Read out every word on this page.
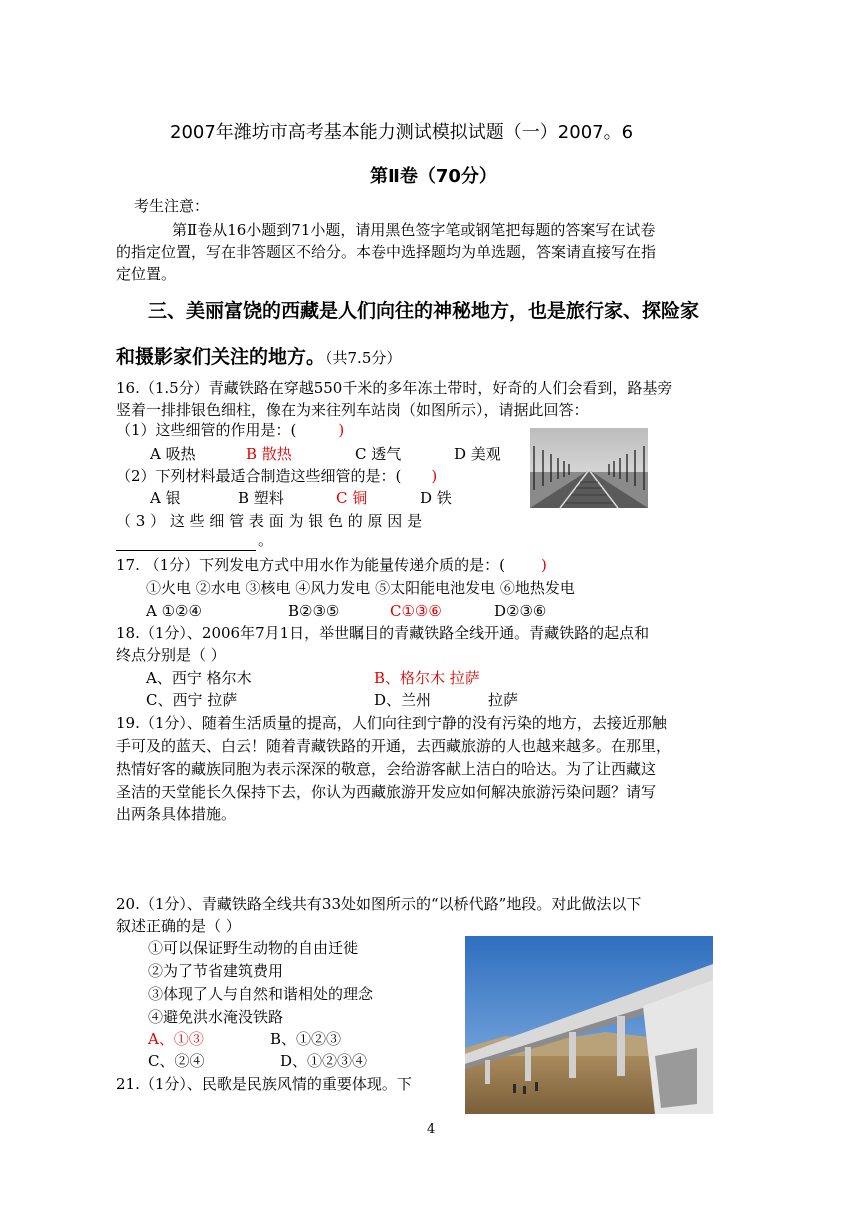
2007年潍坊市高考基本能力测试模拟试题（一）2007。6
第Ⅱ卷（70分）
考生注意：
第Ⅱ卷从16小题到71小题，请用黑色签字笔或钢笔把每题的答案写在试卷
的指定位置，写在非答题区不给分。本卷中选择题均为单选题，答案请直接写在指
定位置。
三、美丽富饶的西藏是人们向往的神秘地方，也是旅行家、探险家
和摄影家们关注的地方。（共7.5分）
16.（1.5分）青藏铁路在穿越550千米的多年冻土带时，好奇的人们会看到，路基旁
竖着一排排银色细柱，像在为来往列车站岗（如图所示），请据此回答：
（1）这些细管的作用是：(	)
A 吸热	B 散热	C 透气	D 美观
（2）下列材料最适合制造这些细管的是：( )
A 银	B 塑料	C 铜	D 铁
（ 3 ） 这 些 细 管 表 面 为 银 色 的 原 因 是
。
17. （1分）下列发电方式中用水作为能量传递介质的是：( )
①火电 ②水电 ③核电 ④风力发电 ⑤太阳能电池发电 ⑥地热发电
A ①②④	B②③⑤	C①③⑥	D②③⑥
18.（1分）、2006年7月1日，举世瞩目的青藏铁路全线开通。青藏铁路的起点和
终点分别是（ ）
A、西宁 格尔木	B、格尔木 拉萨
C、西宁 拉萨	D、兰州	拉萨
19.（1分）、随着生活质量的提高，人们向往到宁静的没有污染的地方，去接近那触
手可及的蓝天、白云！随着青藏铁路的开通，去西藏旅游的人也越来越多。在那里，
热情好客的藏族同胞为表示深深的敬意，会给游客献上洁白的哈达。为了让西藏这
圣洁的天堂能长久保持下去，你认为西藏旅游开发应如何解决旅游污染问题？请写
出两条具体措施。
20.（1分）、青藏铁路全线共有33处如图所示的“以桥代路”地段。对此做法以下
叙述正确的是（ ）
①可以保证野生动物的自由迁徙
②为了节省建筑费用
③体现了人与自然和谐相处的理念
④避免洪水淹没铁路
A、①③	B、①②③
C、②④	D、①②③④
21.（1分）、民歌是民族风情的重要体现。下
4
